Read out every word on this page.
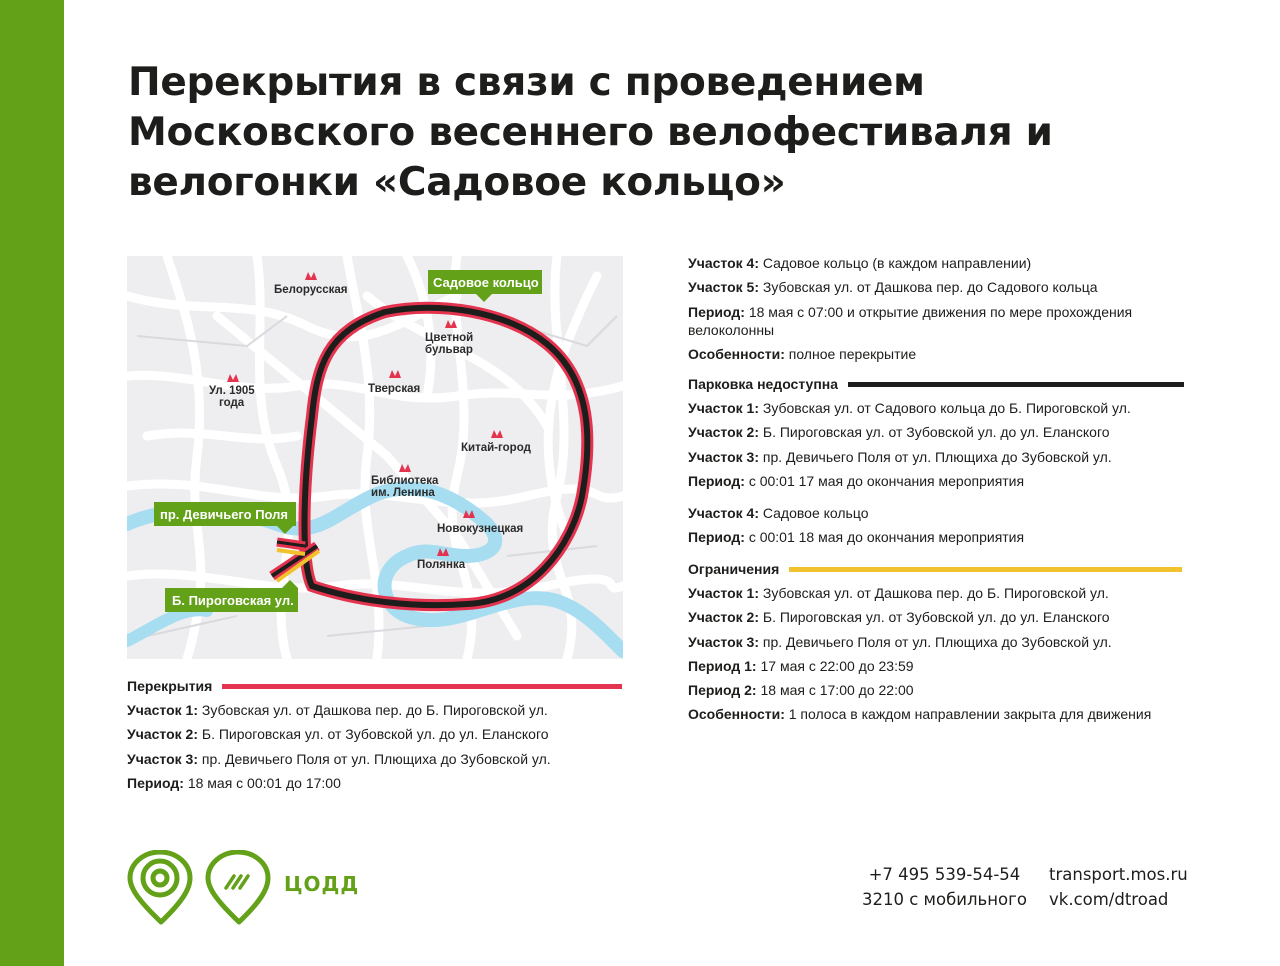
Перекрытия в связи с проведением Московского весеннего велофестиваля и велогонки «Садовое кольцо»
Белорусская
Цветной
бульвар
Ул. 1905
года
Тверская
Китай-город
Библиотека
им. Ленина
Новокузнецкая
Полянка
Садовое кольцо
пр. Девичьего Поля
Б. Пироговская ул.
Перекрытия
Участок 1: Зубовская ул. от Дашкова пер. до Б. Пироговской ул.
Участок 2: Б. Пироговская ул. от Зубовской ул. до ул. Еланского
Участок 3: пр. Девичьего Поля от ул. Плющиха до Зубовской ул.
Период: 18 мая с 00:01 до 17:00
Участок 4: Садовое кольцо (в каждом направлении)
Участок 5: Зубовская ул. от Дашкова пер. до Садового кольца
Период: 18 мая с 07:00 и открытие движения по мере прохождения велоколонны
Особенности: полное перекрытие
Парковка недоступна
Участок 1: Зубовская ул. от Садового кольца до Б. Пироговской ул.
Участок 2: Б. Пироговская ул. от Зубовской ул. до ул. Еланского
Участок 3: пр. Девичьего Поля от ул. Плющиха до Зубовской ул.
Период: с 00:01 17 мая до окончания мероприятия
Участок 4: Садовое кольцо
Период: с 00:01 18 мая до окончания мероприятия
Ограничения
Участок 1: Зубовская ул. от Дашкова пер. до Б. Пироговской ул.
Участок 2: Б. Пироговская ул. от Зубовской ул. до ул. Еланского
Участок 3: пр. Девичьего Поля от ул. Плющиха до Зубовской ул.
Период 1: 17 мая с 22:00 до 23:59
Период 2: 18 мая с 17:00 до 22:00
Особенности: 1 полоса в каждом направлении закрыта для движения
ЦОДД	+7 495 539-54-54
3210 с мобильного
transport.mos.ru
vk.com/dtroad
